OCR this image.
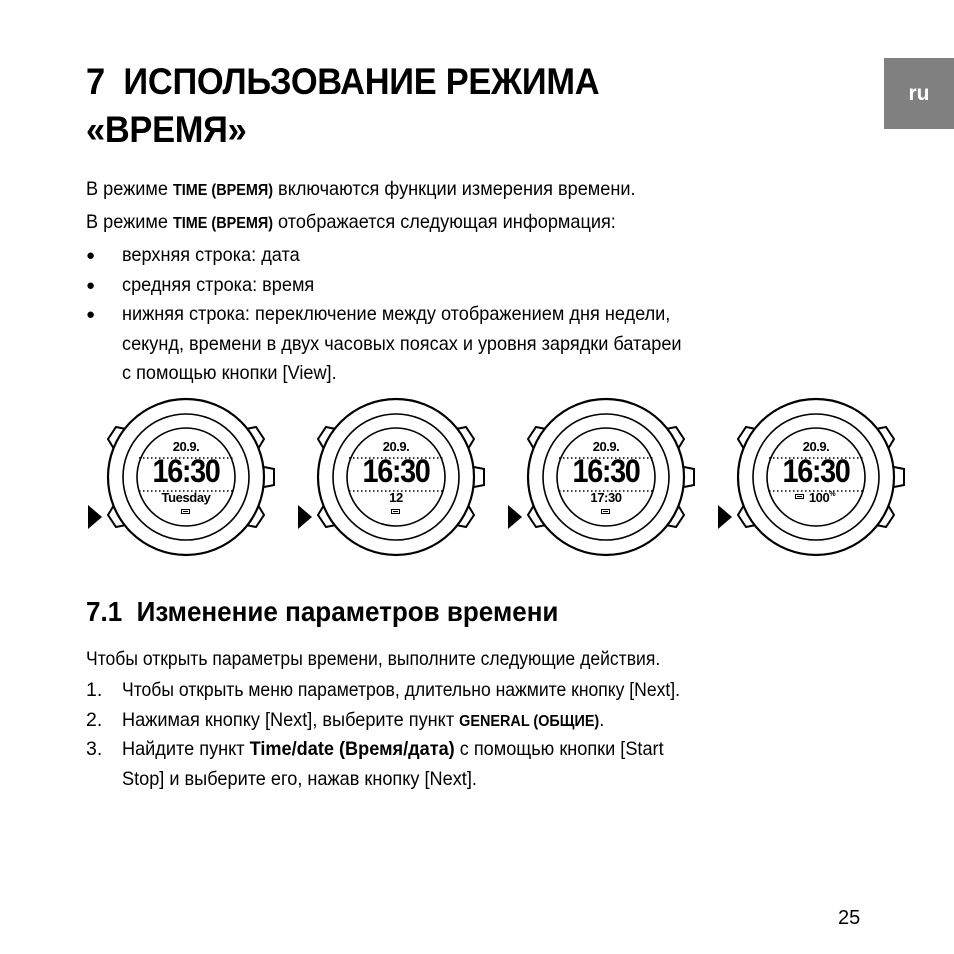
7  ИСПОЛЬЗОВАНИЕ РЕЖИМА
«ВРЕМЯ»
ru
В режиме TIME (ВРЕМЯ) включаются функции измерения времени.
В режиме TIME (ВРЕМЯ) отображается следующая информация:
● верхняя строка: дата
● средняя строка: время
● нижняя строка: переключение между отображением дня недели,
секунд, времени в двух часовых поясах и уровня зарядки батареи
с помощью кнопки [View].
20.9.
16:30
Tuesday
20.9.
16:30
12
20.9.
16:30
17:30
20.9.
16:30
100%
7.1  Изменение параметров времени
Чтобы открыть параметры времени, выполните следующие действия.
1. Чтобы открыть меню параметров, длительно нажмите кнопку [Next].
2. Нажимая кнопку [Next], выберите пункт GENERAL (ОБЩИЕ).
3. Найдите пункт Time/date (Время/дата) с помощью кнопки [Start
Stop] и выберите его, нажав кнопку [Next].
25
